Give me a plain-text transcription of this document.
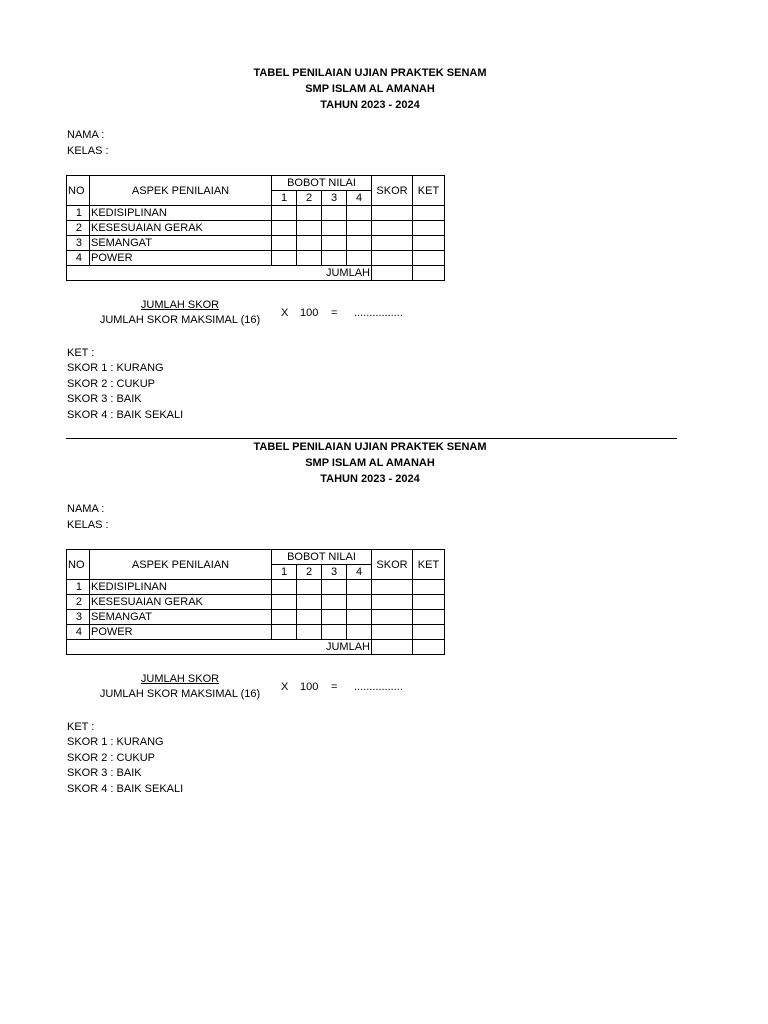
TABEL PENILAIAN UJIAN PRAKTEK SENAM
SMP ISLAM AL AMANAH
TAHUN 2023 - 2024
NAMA :
KELAS :
NO	ASPEK PENILAIAN	BOBOT NILAI				SKOR	KET
		1	2	3	4		
1	KEDISIPLINAN						
2	KESESUAIAN GERAK						
3	SEMANGAT						
4	POWER						
JUMLAH							
JUMLAH SKOR
JUMLAH SKOR MAKSIMAL (16)
X 100 = ................
KET :
SKOR 1 : KURANG
SKOR 2 : CUKUP
SKOR 3 : BAIK
SKOR 4 : BAIK SEKALI
TABEL PENILAIAN UJIAN PRAKTEK SENAM
SMP ISLAM AL AMANAH
TAHUN 2023 - 2024
NAMA :
KELAS :
NO	ASPEK PENILAIAN	BOBOT NILAI				SKOR	KET
		1	2	3	4		
1	KEDISIPLINAN						
2	KESESUAIAN GERAK						
3	SEMANGAT						
4	POWER						
JUMLAH							
JUMLAH SKOR
JUMLAH SKOR MAKSIMAL (16)
X 100 = ................
KET :
SKOR 1 : KURANG
SKOR 2 : CUKUP
SKOR 3 : BAIK
SKOR 4 : BAIK SEKALI
